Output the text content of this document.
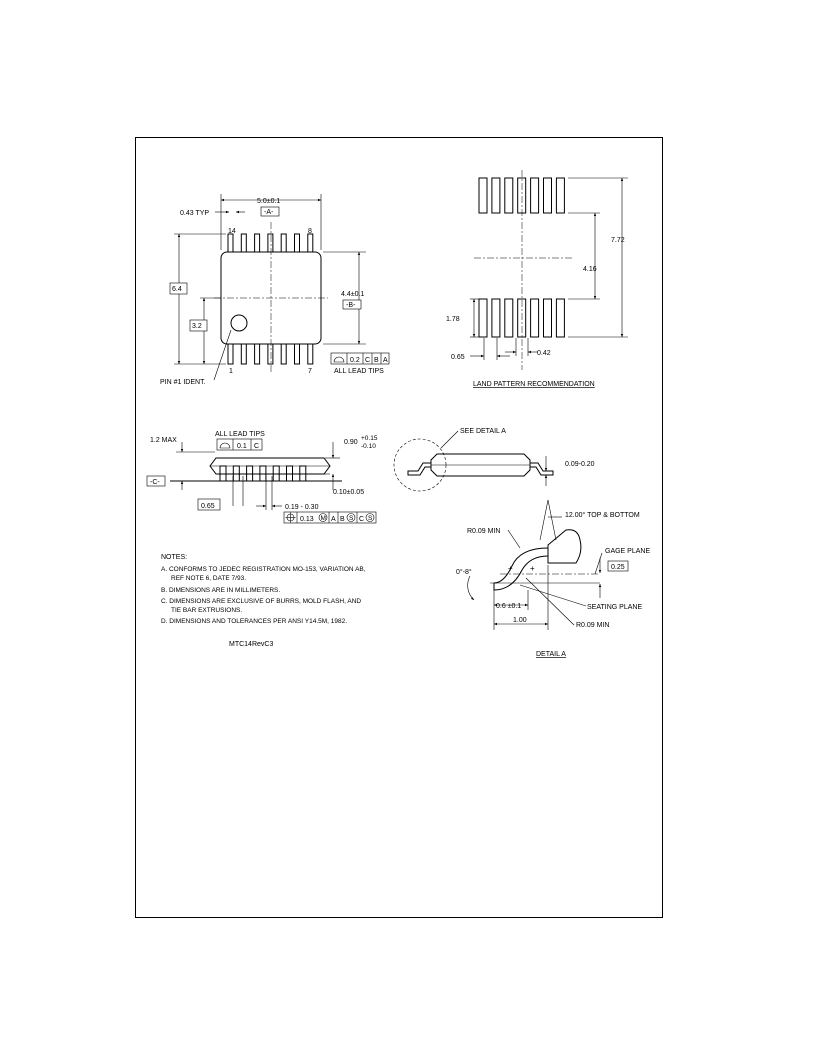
5.0±0.1
-A-
0.43 TYP
14	8
1	7
6.4
3.2
4.4±0.1
-B-
0.2 C B A
ALL LEAD TIPS
PIN #1 IDENT.
7.72
4.16
1.78
0.65
0.42
LAND PATTERN RECOMMENDATION
ALL LEAD TIPS
0.1 C
1.2 MAX	0.90
+0.15
-0.10
-C-
0.10±0.05
0.65	0.19 - 0.30
0.13 M A B S C S
SEE DETAIL A
0.09-0.20
12.00° TOP & BOTTOM
R0.09 MIN
+ +
GAGE PLANE
0.25
0°-8°
0.6 ±0.1	SEATING PLANE
R0.09 MIN
1.00
DETAIL A
NOTES:
A. CONFORMS TO JEDEC REGISTRATION MO-153, VARIATION AB,
REF NOTE 6, DATE 7/93.
B. DIMENSIONS ARE IN MILLIMETERS.
C. DIMENSIONS ARE EXCLUSIVE OF BURRS, MOLD FLASH, AND
TIE BAR EXTRUSIONS.
D. DIMENSIONS AND TOLERANCES PER ANSI Y14.5M, 1982.
MTC14RevC3
